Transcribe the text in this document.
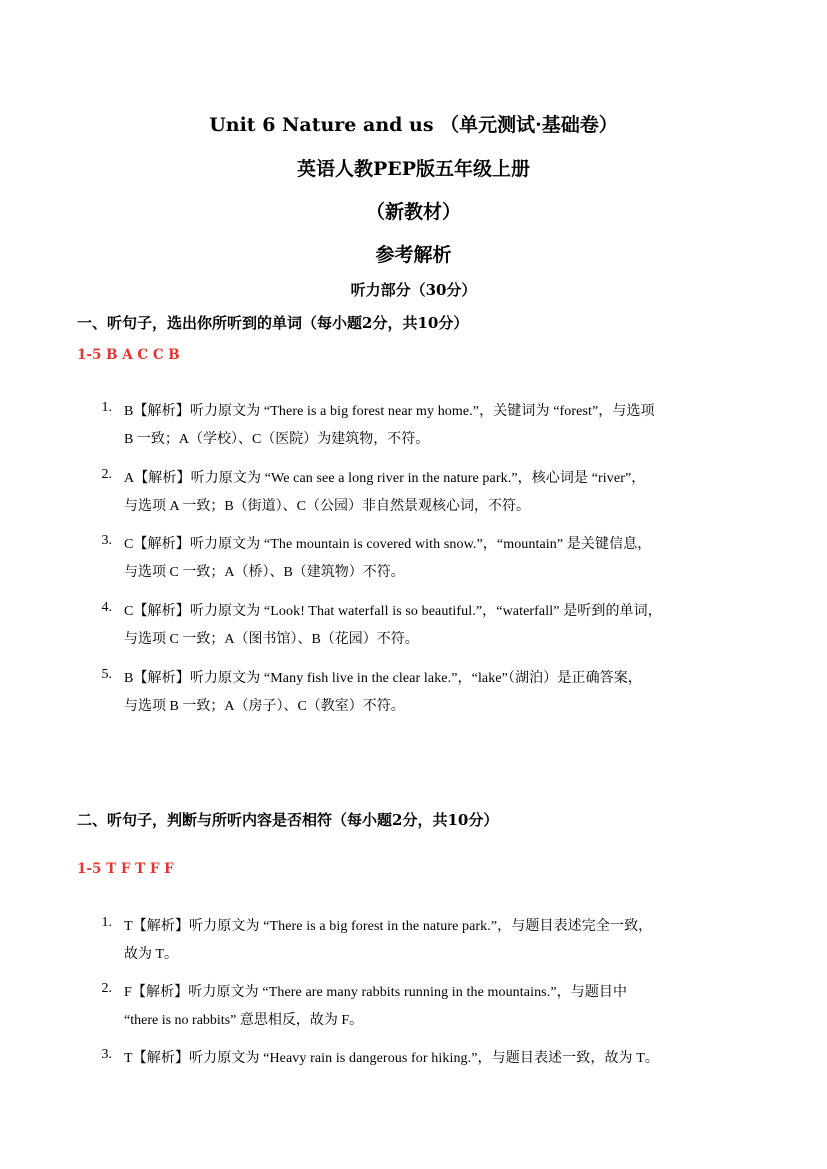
Unit 6 Nature and us （单元测试·基础卷）
英语人教PEP版五年级上册
（新教材）
参考解析
听力部分（30分）
一、听句子，选出你所听到的单词（每小题2分，共10分）
1-5 B A C C B
1. B【解析】听力原文为 “There is a big forest near my home.”，关键词为 “forest”，与选项
B 一致；A（学校）、C（医院）为建筑物，不符。
2. A【解析】听力原文为 “We can see a long river in the nature park.”，核心词是 “river”，
与选项 A 一致；B（街道）、C（公园）非自然景观核心词，不符。
3. C【解析】听力原文为 “The mountain is covered with snow.”，“mountain” 是关键信息，
与选项 C 一致；A（桥）、B（建筑物）不符。
4. C【解析】听力原文为 “Look! That waterfall is so beautiful.”，“waterfall” 是听到的单词，
与选项 C 一致；A（图书馆）、B（花园）不符。
5. B【解析】听力原文为 “Many fish live in the clear lake.”，“lake”（湖泊）是正确答案，
与选项 B 一致；A（房子）、C（教室）不符。
二、听句子，判断与所听内容是否相符（每小题2分，共10分）
1-5 T F T F F
1. T【解析】听力原文为 “There is a big forest in the nature park.”，与题目表述完全一致，
故为 T。
2. F【解析】听力原文为 “There are many rabbits running in the mountains.”，与题目中
“there is no rabbits” 意思相反，故为 F。
3. T【解析】听力原文为 “Heavy rain is dangerous for hiking.”，与题目表述一致，故为 T。
